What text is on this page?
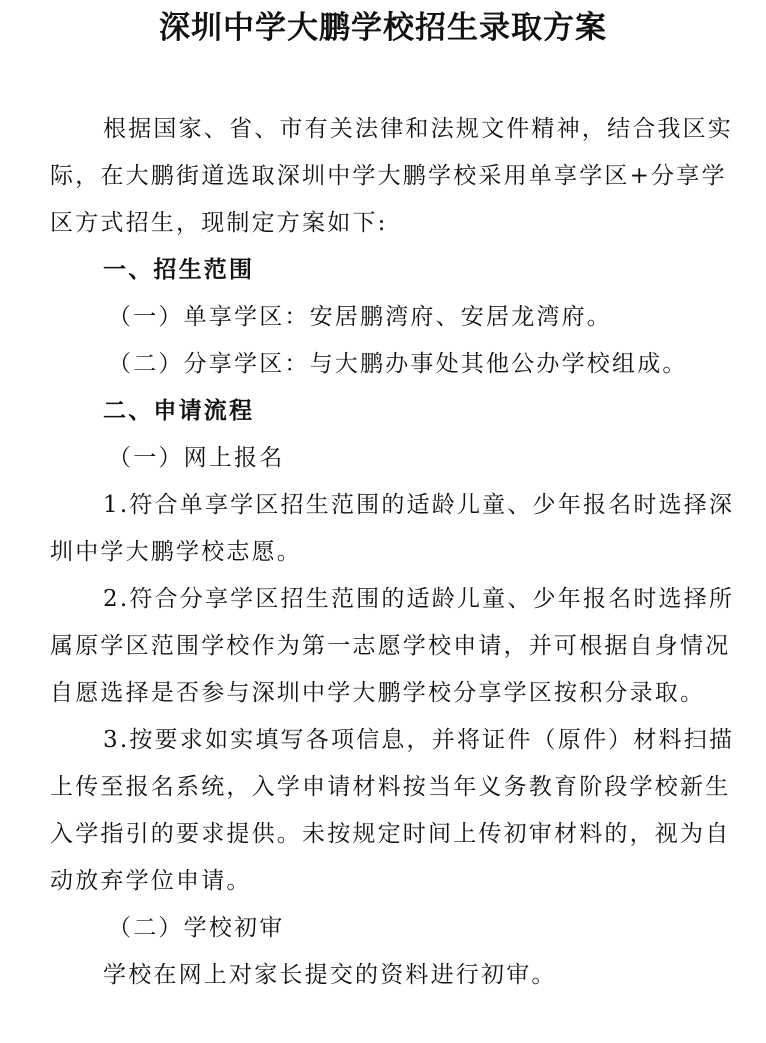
深圳中学大鹏学校招生录取方案

根据国家、省、市有关法律和法规文件精神，结合我区实际，在大鹏街道选取深圳中学大鹏学校采用单享学区+分享学区方式招生，现制定方案如下:

一、招生范围

（一）单享学区：安居鹏湾府、安居龙湾府。

（二）分享学区：与大鹏办事处其他公办学校组成。

二、申请流程

（一）网上报名

1.符合单享学区招生范围的适龄儿童、少年报名时选择深圳中学大鹏学校志愿。

2.符合分享学区招生范围的适龄儿童、少年报名时选择所属原学区范围学校作为第一志愿学校申请，并可根据自身情况自愿选择是否参与深圳中学大鹏学校分享学区按积分录取。

3.按要求如实填写各项信息，并将证件（原件）材料扫描上传至报名系统，入学申请材料按当年义务教育阶段学校新生入学指引的要求提供。未按规定时间上传初审材料的，视为自动放弃学位申请。

（二）学校初审

学校在网上对家长提交的资料进行初审。
